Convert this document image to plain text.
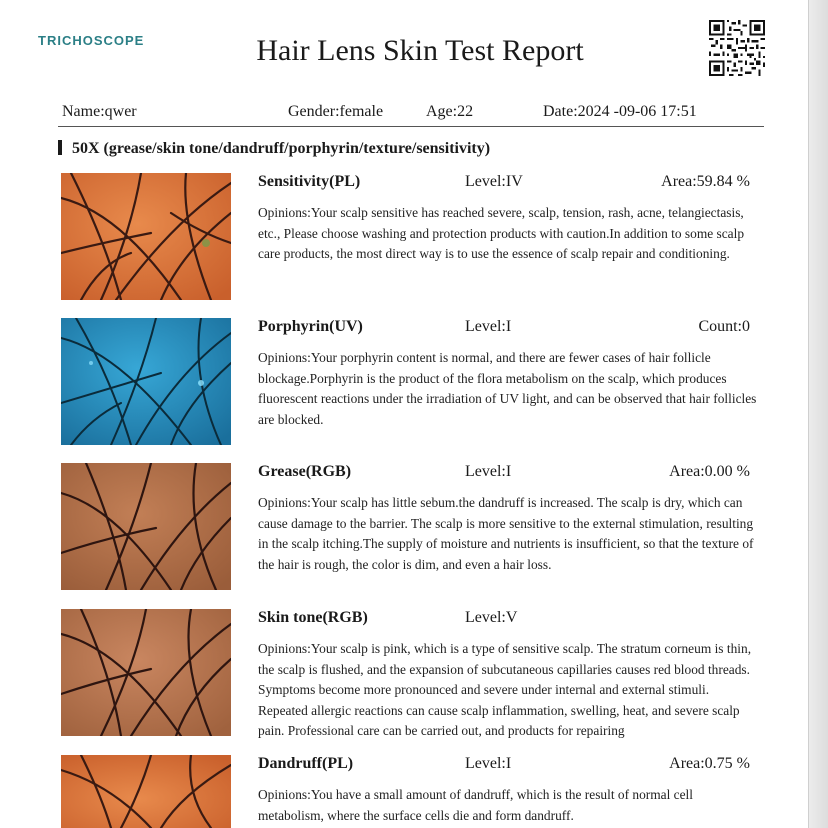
TRICHOSCOPE	Hair Lens Skin Test Report
Name:qwer	Gender:female	Age:22	Date:2024 -09-06 17:51
50X (grease/skin tone/dandruff/porphyrin/texture/sensitivity)
Sensitivity(PL)	Level:IV	Area:59.84 %
Opinions:Your scalp sensitive has reached severe, scalp, tension, rash, acne, telangiectasis, etc., Please choose washing and protection products with caution.In addition to some scalp care products, the most direct way is to use the essence of scalp repair and conditioning.
Porphyrin(UV)	Level:I	Count:0
Opinions:Your porphyrin content is normal, and there are fewer cases of hair follicle blockage.Porphyrin is the product of the flora metabolism on the scalp, which produces fluorescent reactions under the irradiation of UV light, and can be observed that hair follicles are blocked.
Grease(RGB)	Level:I	Area:0.00 %
Opinions:Your scalp has little sebum.the dandruff is increased. The scalp is dry, which can cause damage to the barrier. The scalp is more sensitive to the external stimulation, resulting in the scalp itching.The supply of moisture and nutrients is insufficient, so that the texture of the hair is rough, the color is dim, and even a hair loss.
Skin tone(RGB)	Level:V
Opinions:Your scalp is pink, which is a type of sensitive scalp. The stratum corneum is thin, the scalp is flushed, and the expansion of subcutaneous capillaries causes red blood threads. Symptoms become more pronounced and severe under internal and external stimuli. Repeated allergic reactions can cause scalp inflammation, swelling, heat, and severe scalp pain. Professional care can be carried out, and products for repairing
Dandruff(PL)	Level:I	Area:0.75 %
Opinions:You have a small amount of dandruff, which is the result of normal cell metabolism, where the surface cells die and form dandruff.
